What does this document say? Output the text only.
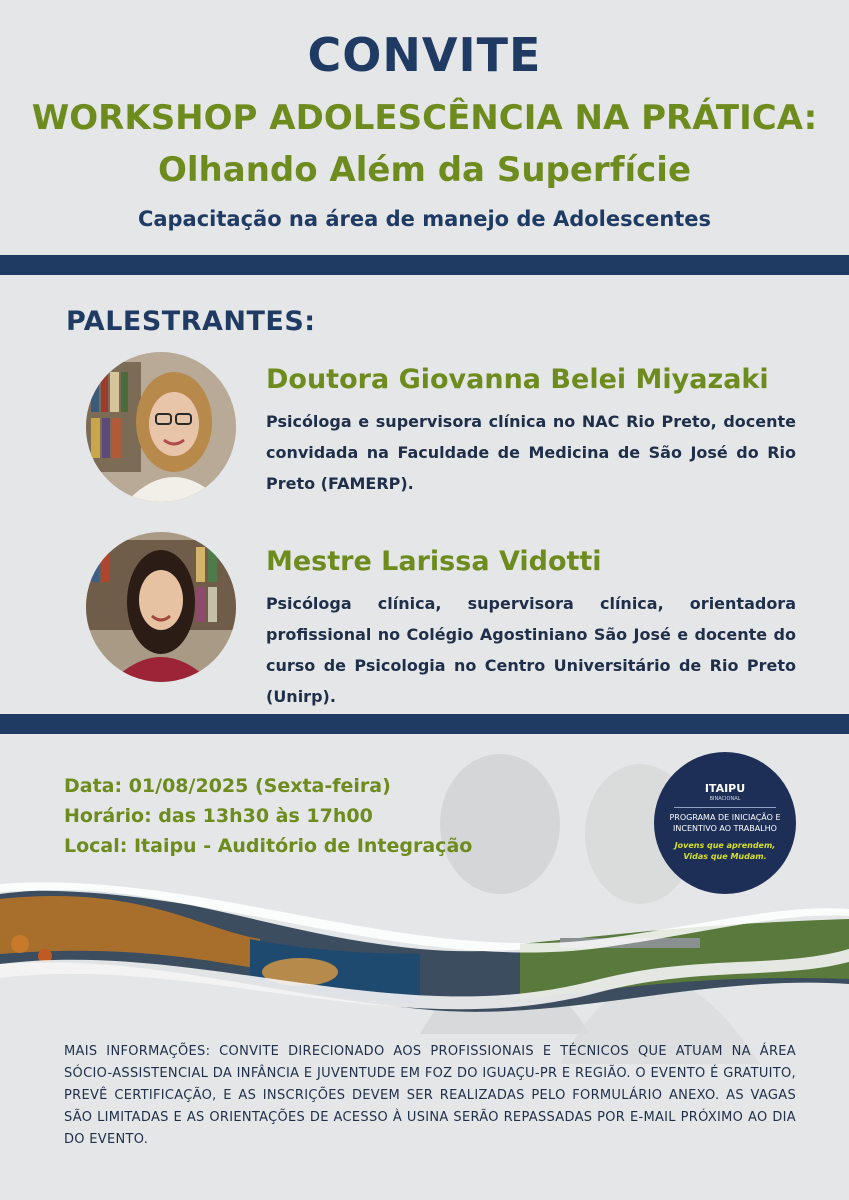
CONVITE
WORKSHOP ADOLESCÊNCIA NA PRÁTICA:
Olhando Além da Superfície
Capacitação na área de manejo de Adolescentes
PALESTRANTES:
Doutora Giovanna Belei Miyazaki
Psicóloga e supervisora clínica no NAC Rio Preto, docente convidada na Faculdade de Medicina de São José do Rio Preto (FAMERP).
Mestre Larissa Vidotti
Psicóloga clínica, supervisora clínica, orientadora profissional no Colégio Agostiniano São José e docente do curso de Psicologia no Centro Universitário de Rio Preto (Unirp).
Data: 01/08/2025 (Sexta-feira)
Horário: das 13h30 às 17h00
Local: Itaipu - Auditório de Integração
ITAIPU
BINACIONAL
PROGRAMA DE INICIAÇÃO E INCENTIVO AO TRABALHO
Jovens que aprendem, Vidas que Mudam.
MAIS INFORMAÇÕES: CONVITE DIRECIONADO AOS PROFISSIONAIS E TÉCNICOS QUE ATUAM NA ÁREA SÓCIO-ASSISTENCIAL DA INFÂNCIA E JUVENTUDE EM FOZ DO IGUAÇU-PR E REGIÃO. O EVENTO É GRATUITO, PREVÊ CERTIFICAÇÃO, E AS INSCRIÇÕES DEVEM SER REALIZADAS PELO FORMULÁRIO ANEXO. AS VAGAS SÃO LIMITADAS E AS ORIENTAÇÕES DE ACESSO À USINA SERÃO REPASSADAS POR E-MAIL PRÓXIMO AO DIA DO EVENTO.
